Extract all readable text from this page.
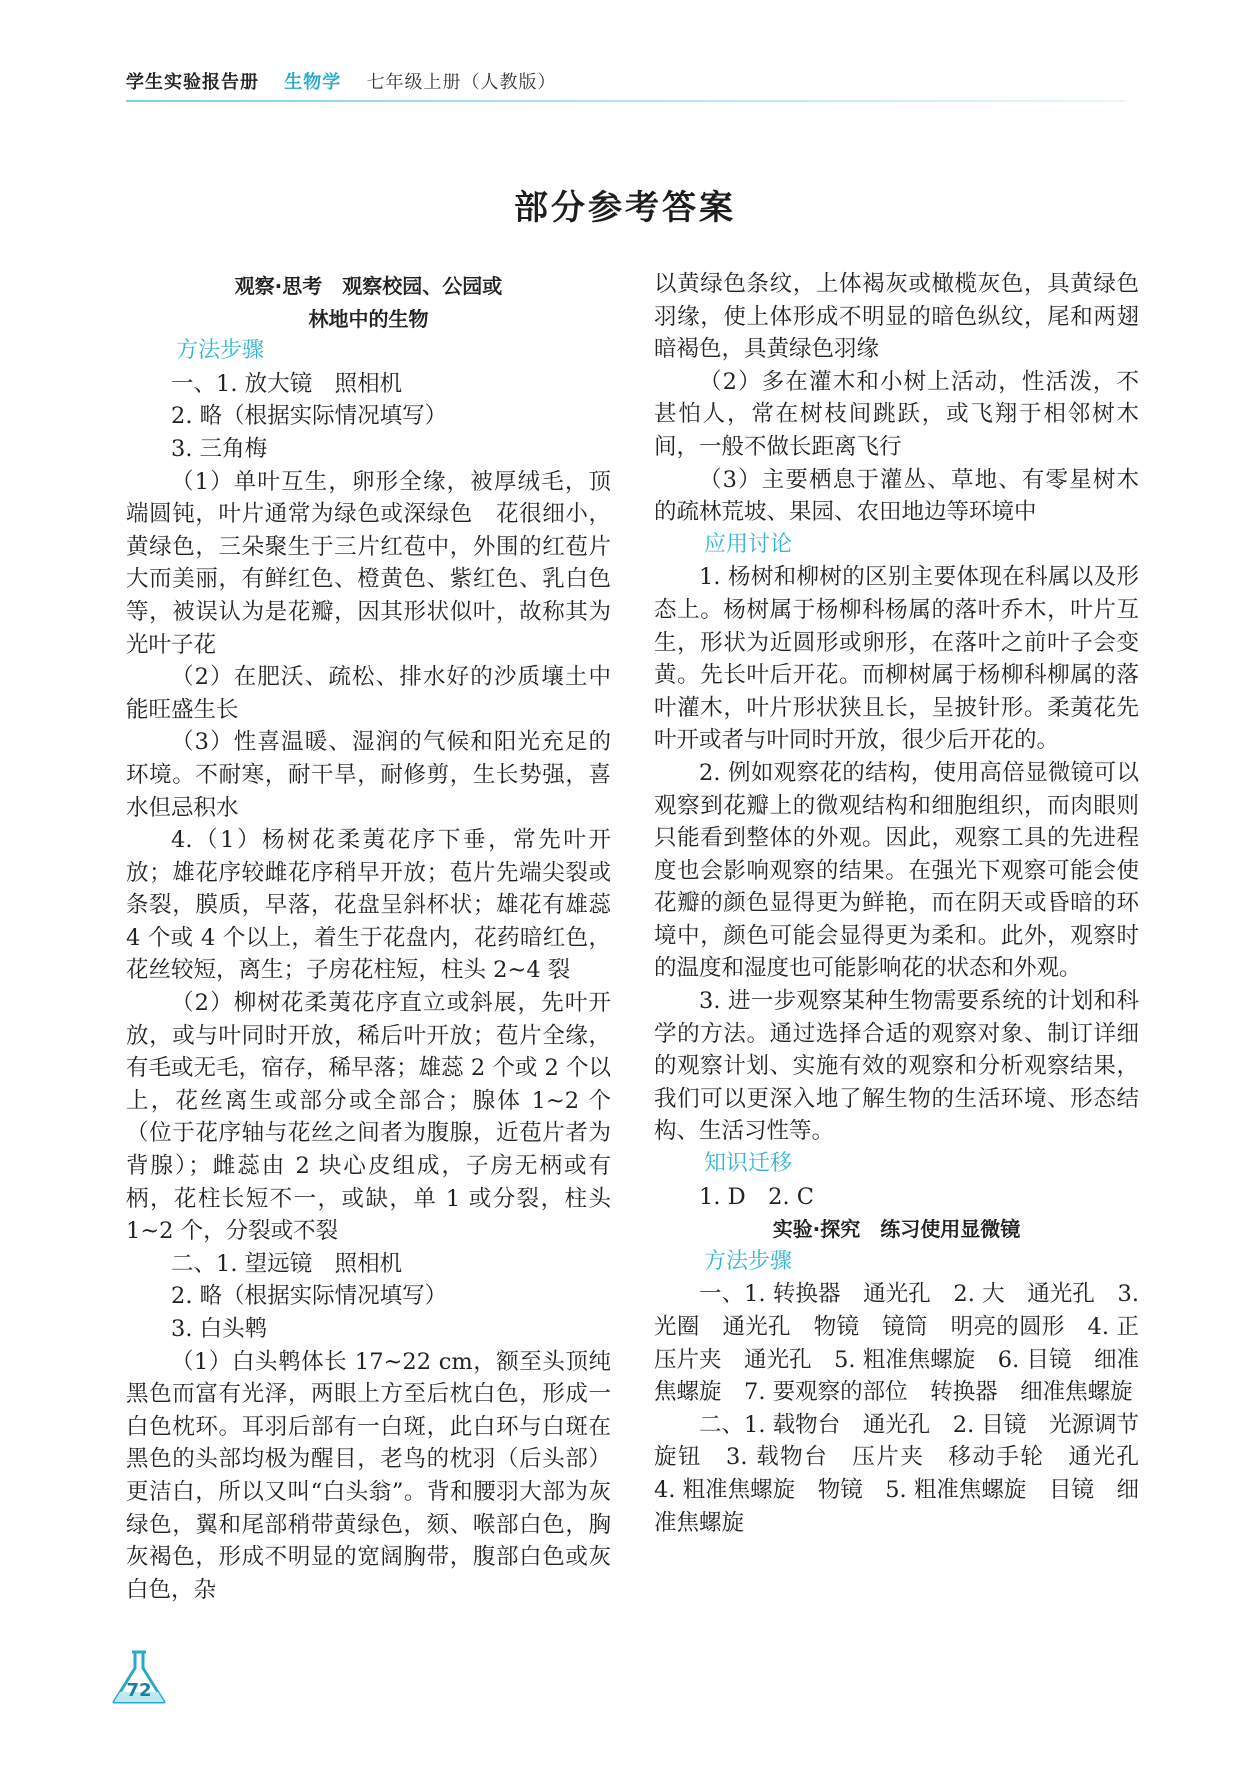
学生实验报告册 生物学 七年级上册（人教版）
部分参考答案

观察·思考　观察校园、公园或

林地中的生物

方法步骤

一、1. 放大镜　照相机

2. 略（根据实际情况填写）

3. 三角梅

（1）单叶互生，卵形全缘，被厚绒毛，顶端圆钝，叶片通常为绿色或深绿色　花很细小，黄绿色，三朵聚生于三片红苞中，外围的红苞片大而美丽，有鲜红色、橙黄色、紫红色、乳白色等，被误认为是花瓣，因其形状似叶，故称其为光叶子花

（2）在肥沃、疏松、排水好的沙质壤土中能旺盛生长

（3）性喜温暖、湿润的气候和阳光充足的环境。不耐寒，耐干旱，耐修剪，生长势强，喜水但忌积水

4.（1）杨树花柔荑花序下垂，常先叶开放；雄花序较雌花序稍早开放；苞片先端尖裂或条裂，膜质，早落，花盘呈斜杯状；雄花有雄蕊 4 个或 4 个以上，着生于花盘内，花药暗红色，花丝较短，离生；子房花柱短，柱头 2~4 裂

（2）柳树花柔荑花序直立或斜展，先叶开放，或与叶同时开放，稀后叶开放；苞片全缘，有毛或无毛，宿存，稀早落；雄蕊 2 个或 2 个以上，花丝离生或部分或全部合；腺体 1~2 个（位于花序轴与花丝之间者为腹腺，近苞片者为背腺）；雌蕊由 2 块心皮组成，子房无柄或有柄，花柱长短不一，或缺，单 1 或分裂，柱头 1~2 个，分裂或不裂

二、1. 望远镜　照相机

2. 略（根据实际情况填写）

3. 白头鹎

（1）白头鹎体长 17~22 cm，额至头顶纯黑色而富有光泽，两眼上方至后枕白色，形成一白色枕环。耳羽后部有一白斑，此白环与白斑在黑色的头部均极为醒目，老鸟的枕羽（后头部）更洁白，所以又叫“白头翁”。背和腰羽大部为灰绿色，翼和尾部稍带黄绿色，颏、喉部白色，胸灰褐色，形成不明显的宽阔胸带，腹部白色或灰白色，杂

以黄绿色条纹，上体褐灰或橄榄灰色，具黄绿色羽缘，使上体形成不明显的暗色纵纹，尾和两翅暗褐色，具黄绿色羽缘

（2）多在灌木和小树上活动，性活泼，不甚怕人，常在树枝间跳跃，或飞翔于相邻树木间，一般不做长距离飞行

（3）主要栖息于灌丛、草地、有零星树木的疏林荒坡、果园、农田地边等环境中

应用讨论

1. 杨树和柳树的区别主要体现在科属以及形态上。杨树属于杨柳科杨属的落叶乔木，叶片互生，形状为近圆形或卵形，在落叶之前叶子会变黄。先长叶后开花。而柳树属于杨柳科柳属的落叶灌木，叶片形状狭且长，呈披针形。柔荑花先叶开或者与叶同时开放，很少后开花的。

2. 例如观察花的结构，使用高倍显微镜可以观察到花瓣上的微观结构和细胞组织，而肉眼则只能看到整体的外观。因此，观察工具的先进程度也会影响观察的结果。在强光下观察可能会使花瓣的颜色显得更为鲜艳，而在阴天或昏暗的环境中，颜色可能会显得更为柔和。此外，观察时的温度和湿度也可能影响花的状态和外观。

3. 进一步观察某种生物需要系统的计划和科学的方法。通过选择合适的观察对象、制订详细的观察计划、实施有效的观察和分析观察结果，我们可以更深入地了解生物的生活环境、形态结构、生活习性等。

知识迁移

1. D　2. C

实验·探究　练习使用显微镜

方法步骤

一、1. 转换器　通光孔　2. 大　通光孔　3. 光圈　通光孔　物镜　镜筒　明亮的圆形　4. 正　压片夹　通光孔　5. 粗准焦螺旋　6. 目镜　细准焦螺旋　7. 要观察的部位　转换器　细准焦螺旋

二、1. 载物台　通光孔　2. 目镜　光源调节旋钮　3. 载物台　压片夹　移动手轮　通光孔　4. 粗准焦螺旋　物镜　5. 粗准焦螺旋　目镜　细准焦螺旋

72
